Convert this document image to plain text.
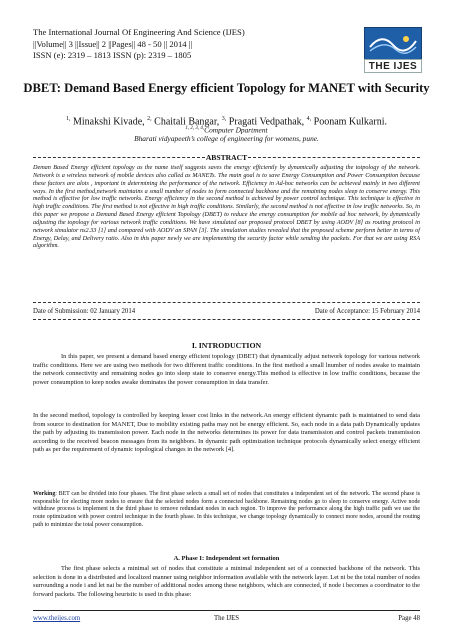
The International Journal Of Engineering And Science (IJES)
||Volume|| 3 ||Issue|| 2 ||Pages|| 48 - 50 || 2014 ||
ISSN (e): 2319 – 1813 ISSN (p): 2319 – 1805
THE IJES
DBET: Demand Based Energy efficient Topology for MANET with Security
$^{1,}$ Minakshi Kivade, $^{2,}$ Chaitali Bangar, $^{3,}$ Pragati Vedpathak, $^{4,}$ Poonam Kulkarni.
$^{1, 2, 3, 4,}$Computer Dpartment
Bharati vidyapeeth’s college of engineering for womens, pune.
ABSTRACT
Deman Based Energy efficient topology as the name itself suggests saves the energy efficiently by dynamically adjusting the totpology of the network. Network is a wireless network of mobile devices also called as MANETs. The main goal is to save Energy Consumption and Power Consumption because these factors are alots , important in determining the performance of the network. Efficiency in Ad-hoc networks can be achieved mainly in two different ways. In the first method,network maintains a small number of nodes to form connected backbone and the remaining nodes sleep to conserve energy. This method is effective for low traffic networks. Energy efficiency in the second method is achieved by power control technique. This technique is effective in high traffic conditions. The first method is not effective in high traffic conditions. Similarly, the second method is not effective in low traffic networks. So, in this paper we propose a Demand Based Energy efficient Topology (DBET) to reduce the energy consumption for mobile ad hoc network, by dynamically adjusting the topology for various network traffic conditions. We have simulated our proposed protocol DBET by using AODV [8] as routing protocol in network simulator ns2.33 [1] and compared with AODV an SPAN [3]. The simulation studies revealed that the proposed scheme perform better in terms of Energy, Delay, and Delivery ratio. Also in this paper newly we are implementing the security factor while sending the packets. For that we are using RSA algorithm.
Date of Submission: 02 January 2014	Date of Acceptance: 15 February 2014
I. INTRODUCTION
In this paper, we present a demand based energy efficient topology (DBET) that dynamically adjust network topology for various network traffic conditions. Here we are using two methods for two different traffic conditions. In the first method a small lnumber of nodes awake to maintain the network connectivity and remaining nodes go into sleep state to conserve energy.This method is effective in low traffic conditions, because the power consumption to keep nodes awake dominates the power consumption in data transfer.
In the second method, topology is controlled by keeping lesser cost links in the network.An energy efficient dynamic path is maintained to send data from source to destination for MANET, Due to mobility existing paths may not be energy efficient. So, each node in a data path Dynamically updates the path by adjusting its transmission power. Each node in the networks determines its power for data transmission and control packets transmission according to the received beacon messages from its neighbors. In dynamic path optimization technique protocols dynamically select energy efficient path as per the requirement of dynamic topological changes in the network [4].
Working: BET can be divided into four phases. The first phase selects a small set of nodes that constitutes a independent set of the network. The second phase is responsible for electing more nodes to ensure that the selected nodes form a connected backbone. Remaining nodes go to sleep to conserve energy. Active node withdraw process is implement in the third phase to remove redundant nodes in each region. To improve the performance along the high traffic path we use the route optimization with power control technique in the fourth phase. In this technique, we change topology dynamically to connect more nodes, around the routing path to minimize the total power consumption.
A. Phase I: Independent set formation
The first phase selects a minimal set of nodes that constitute a minimal independent set of a connected backbone of the network. This selection is done in a distributed and localized manner using neighbor information available with the network layer. Let ni be the total number of nodes surrounding a node i and let nai be the number of additional nodes among these neighbors, which are connected, if node i becomes a coordinator to the forward packets. The following heuristic is used in this phase:
www.theijes.com	The IJES	Page 48
